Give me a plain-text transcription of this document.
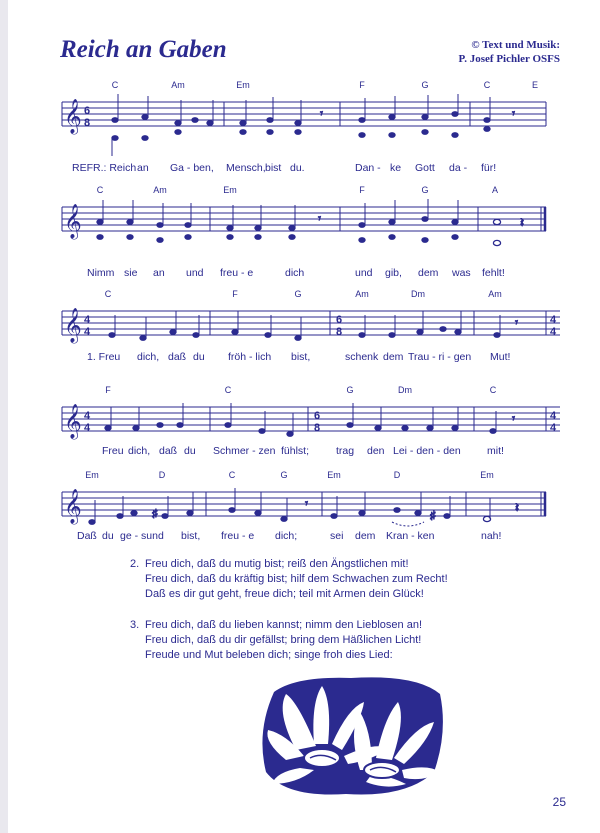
Reich an Gaben	© Text und Musik:
P. Josef Pichler OSFS
C	Am	Em	F	G	C	E
𝄞 6
8
𝄾	𝄾
REFR.: Reich an Ga - ben, Mensch, bist du.	Dan - ke Gott da - für!
C	Am	Em	F	G	A
𝄞	𝄾	𝄽
Nimm sie an und freu - e	dich	und gib, dem was fehlt!
C	F	G	Am	Dm	Am
𝄞 4
4
6
8
4
4
𝄾
1. Freu dich, daß du fröh - lich bist,	schenk dem Trau - ri - gen Mut!
F	C	G	Dm	C
𝄞 4
4
6
8
4
4
𝄾
Freu dich, daß du Schmer - zen fühlst;	trag den Lei - den - den	mit!
Em	D	C	G	Em	D	Em
𝄞	♯
𝄾
♯
𝄽
Daß du ge - sund bist, freu - e dich;	sei dem Kran - ken	nah!
2. Freu dich, daß du mutig bist; reiß den Ängstlichen mit!
Freu dich, daß du kräftig bist; hilf dem Schwachen zum Recht!
Daß es dir gut geht, freue dich; teil mit Armen dein Glück!
3. Freu dich, daß du lieben kannst; nimm den Lieblosen an!
Freu dich, daß du dir gefällst; bring dem Häßlichen Licht!
Freude und Mut beleben dich; singe froh dies Lied:
25
